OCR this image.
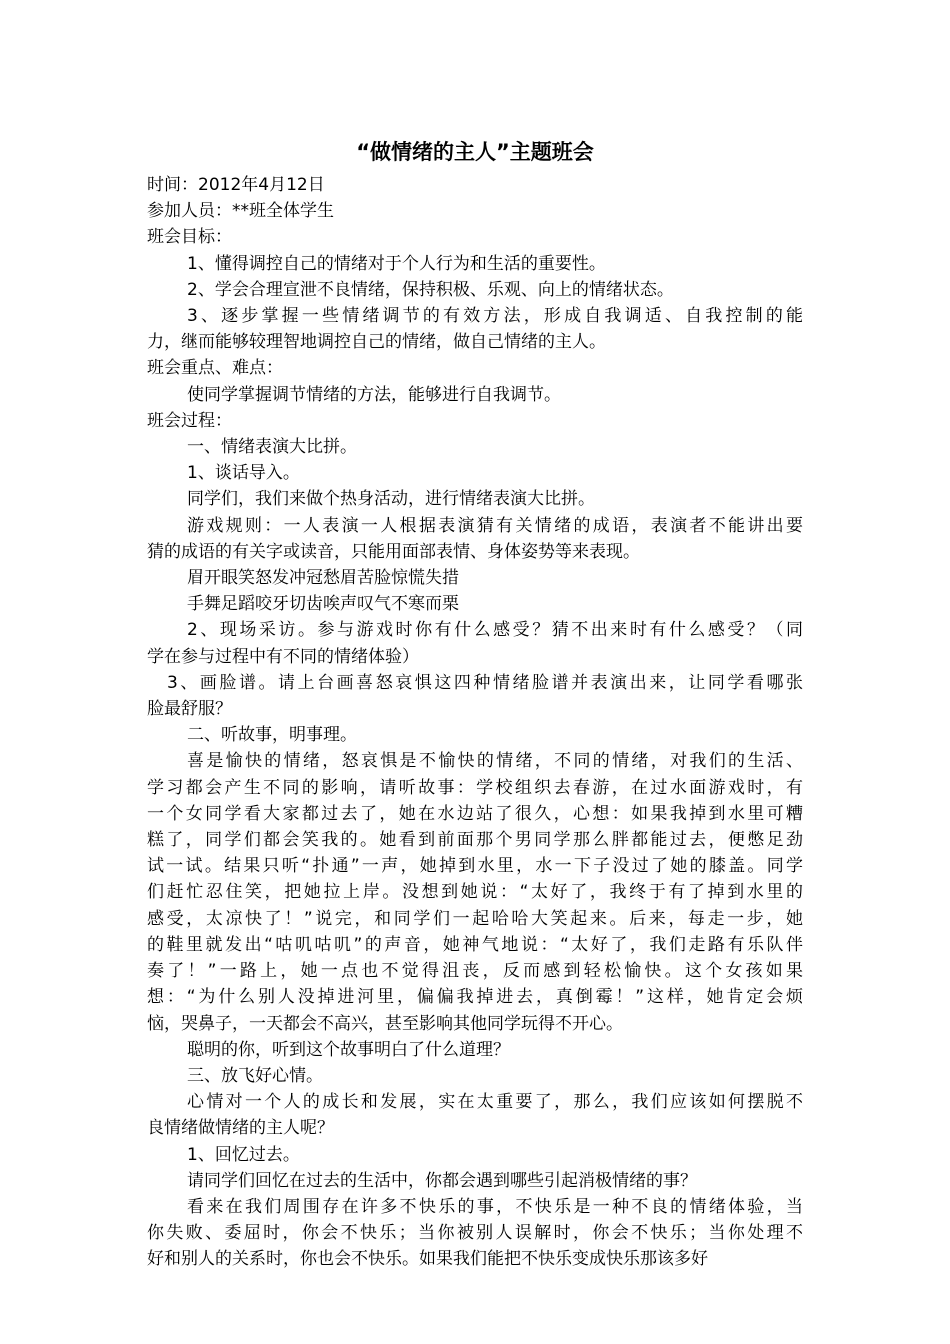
“做情绪的主人”主题班会

时间：2012年4月12日

参加人员：**班全体学生

班会目标：

1、懂得调控自己的情绪对于个人行为和生活的重要性。

2、学会合理宣泄不良情绪，保持积极、乐观、向上的情绪状态。

3、逐步掌握一些情绪调节的有效方法，形成自我调适、自我控制的能

力，继而能够较理智地调控自己的情绪，做自己情绪的主人。

班会重点、难点：

使同学掌握调节情绪的方法，能够进行自我调节。

班会过程：

一、情绪表演大比拼。

1、谈话导入。

同学们，我们来做个热身活动，进行情绪表演大比拼。

游戏规则：一人表演一人根据表演猜有关情绪的成语，表演者不能讲出要

猜的成语的有关字或读音，只能用面部表情、身体姿势等来表现。

眉开眼笑怒发冲冠愁眉苦脸惊慌失措

手舞足蹈咬牙切齿唉声叹气不寒而栗

2、现场采访。参与游戏时你有什么感受？猜不出来时有什么感受？（同

学在参与过程中有不同的情绪体验）

3、画脸谱。请上台画喜怒哀惧这四种情绪脸谱并表演出来，让同学看哪张

脸最舒服？

二、听故事，明事理。

喜是愉快的情绪，怒哀惧是不愉快的情绪，不同的情绪，对我们的生活、

学习都会产生不同的影响，请听故事：学校组织去春游，在过水面游戏时，有

一个女同学看大家都过去了，她在水边站了很久，心想：如果我掉到水里可糟

糕了，同学们都会笑我的。她看到前面那个男同学那么胖都能过去，便憋足劲

试一试。结果只听“扑通”一声，她掉到水里，水一下子没过了她的膝盖。同学

们赶忙忍住笑，把她拉上岸。没想到她说：“太好了，我终于有了掉到水里的

感受，太凉快了！”说完，和同学们一起哈哈大笑起来。后来，每走一步，她

的鞋里就发出“咕叽咕叽”的声音，她神气地说：“太好了，我们走路有乐队伴

奏了！”一路上，她一点也不觉得沮丧，反而感到轻松愉快。这个女孩如果

想：“为什么别人没掉进河里，偏偏我掉进去，真倒霉！”这样，她肯定会烦

恼，哭鼻子，一天都会不高兴，甚至影响其他同学玩得不开心。

聪明的你，听到这个故事明白了什么道理？

三、放飞好心情。

心情对一个人的成长和发展，实在太重要了，那么，我们应该如何摆脱不

良情绪做情绪的主人呢？

1、回忆过去。

请同学们回忆在过去的生活中，你都会遇到哪些引起消极情绪的事？

看来在我们周围存在许多不快乐的事，不快乐是一种不良的情绪体验，当

你失败、委屈时，你会不快乐；当你被别人误解时，你会不快乐；当你处理不

好和别人的关系时，你也会不快乐。如果我们能把不快乐变成快乐那该多好
